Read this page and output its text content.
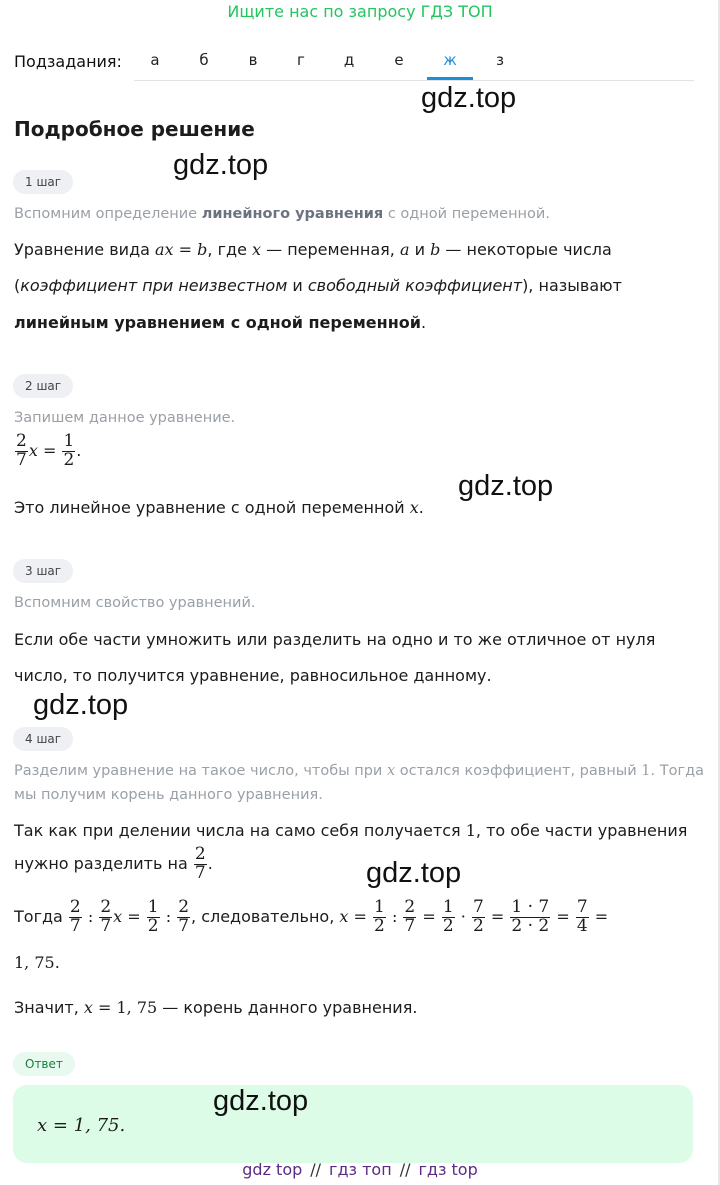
Ищите нас по запросу ГДЗ ТОП
Подзадания:	а	б	в	г	д	е	ж	з
gdz.top
Подробное решение
gdz.top
1 шаг
Вспомним определение линейного уравнения с одной переменной.
Уравнение вида ax = b, где x — переменная, a и b — некоторые числа
(коэффициент при неизвестном и свободный коэффициент), называют
линейным уравнением с одной переменной.
2 шаг
Запишем данное уравнение.
$\frac{2}{7}$ $x = \frac{1}{2}$ .
Это линейное уравнение с одной переменной x.
gdz.top
3 шаг
Вспомним свойство уравнений.
Если обе части умножить или разделить на одно и то же отличное от нуля
число, то получится уравнение, равносильное данному.
gdz.top
4 шаг
Разделим уравнение на такое число, чтобы при x остался коэффициент, равный 1. Тогда
мы получим корень данного уравнения.
Так как при делении числа на само себя получается 1, то обе части уравнения
нужно разделить на $\frac{2}{7}$ .	gdz.top
Тогда $\frac{2}{7}$ : $\frac{2}{7}$ $x = \frac{1}{2}$ : $\frac{2}{7}$ , следовательно, $x = \frac{1}{2}$ : $\frac{2}{7} = \frac{1}{2} \cdot \frac{7}{2} = \frac{1 \cdot 7}{2 \cdot 2} = \frac{7}{4}$ =
1, 75.
Значит, x = 1, 75 — корень данного уравнения.
Ответ
x = 1, 75.
gdz.top
gdz top // гдз топ // гдз top
